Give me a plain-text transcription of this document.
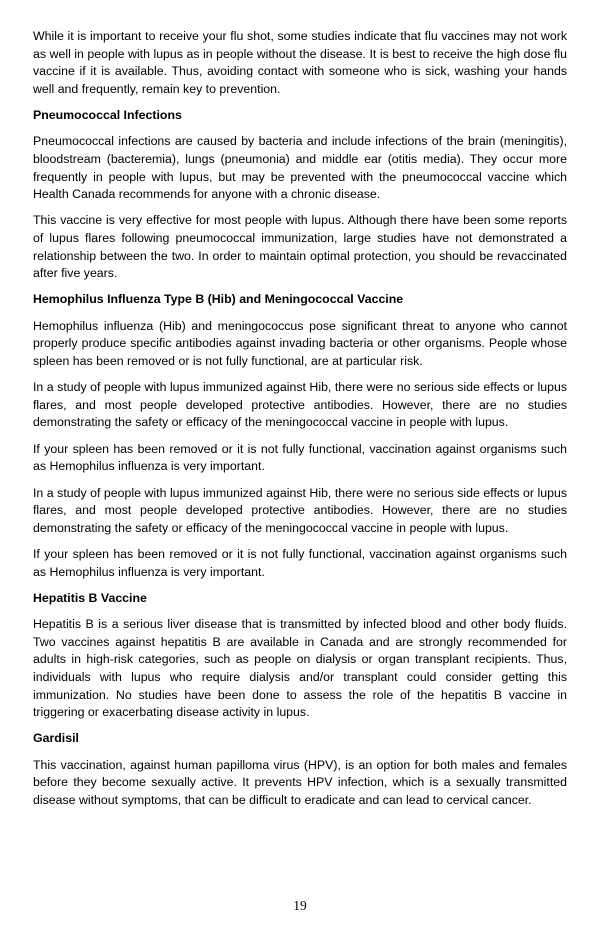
While it is important to receive your flu shot, some studies indicate that flu vaccines may not work as well in people with lupus as in people without the disease. It is best to receive the high dose flu vaccine if it is available. Thus, avoiding contact with someone who is sick, washing your hands well and frequently, remain key to prevention.

Pneumococcal Infections

Pneumococcal infections are caused by bacteria and include infections of the brain (meningitis), bloodstream (bacteremia), lungs (pneumonia) and middle ear (otitis media). They occur more frequently in people with lupus, but may be prevented with the pneumococcal vaccine which Health Canada recommends for anyone with a chronic disease.

This vaccine is very effective for most people with lupus. Although there have been some reports of lupus flares following pneumococcal immunization, large studies have not demonstrated a relationship between the two. In order to maintain optimal protection, you should be revaccinated after five years.

Hemophilus Influenza Type B (Hib) and Meningococcal Vaccine

Hemophilus influenza (Hib) and meningococcus pose significant threat to anyone who cannot properly produce specific antibodies against invading bacteria or other organisms. People whose spleen has been removed or is not fully functional, are at particular risk.

In a study of people with lupus immunized against Hib, there were no serious side effects or lupus flares, and most people developed protective antibodies. However, there are no studies demonstrating the safety or efficacy of the meningococcal vaccine in people with lupus.

If your spleen has been removed or it is not fully functional, vaccination against organisms such as Hemophilus influenza is very important.

In a study of people with lupus immunized against Hib, there were no serious side effects or lupus flares, and most people developed protective antibodies. However, there are no studies demonstrating the safety or efficacy of the meningococcal vaccine in people with lupus.

If your spleen has been removed or it is not fully functional, vaccination against organisms such as Hemophilus influenza is very important.

Hepatitis B Vaccine

Hepatitis B is a serious liver disease that is transmitted by infected blood and other body fluids. Two vaccines against hepatitis B are available in Canada and are strongly recommended for adults in high-risk categories, such as people on dialysis or organ transplant recipients. Thus, individuals with lupus who require dialysis and/or transplant could consider getting this immunization. No studies have been done to assess the role of the hepatitis B vaccine in triggering or exacerbating disease activity in lupus.

Gardisil

This vaccination, against human papilloma virus (HPV), is an option for both males and females before they become sexually active. It prevents HPV infection, which is a sexually transmitted disease without symptoms, that can be difficult to eradicate and can lead to cervical cancer.

19
